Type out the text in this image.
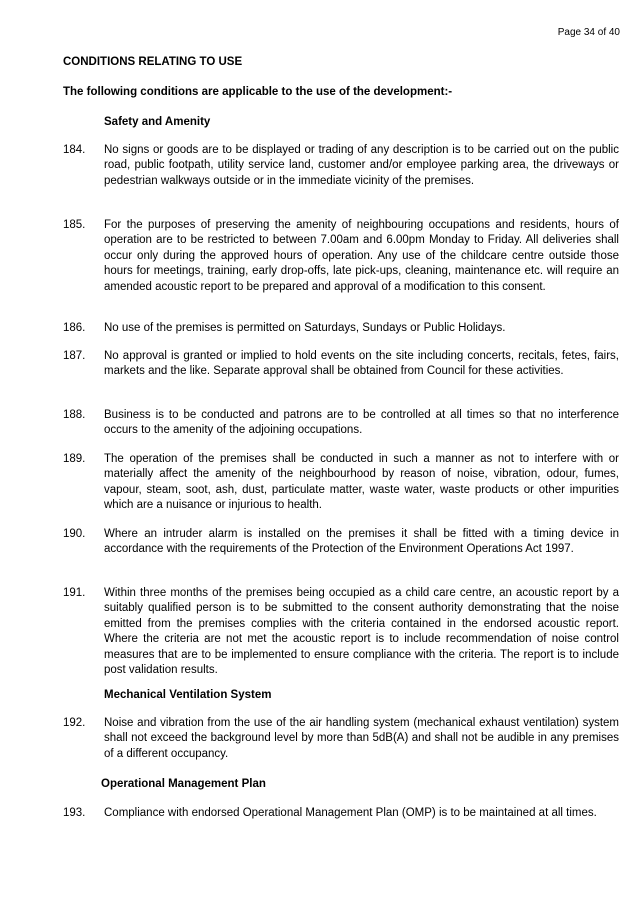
Page 34 of 40
CONDITIONS RELATING TO USE
The following conditions are applicable to the use of the development:-
Safety and Amenity
184.	No signs or goods are to be displayed or trading of any description is to be carried out on the public road, public footpath, utility service land, customer and/or employee parking area, the driveways or pedestrian walkways outside or in the immediate vicinity of the premises.
185.	For the purposes of preserving the amenity of neighbouring occupations and residents, hours of operation are to be restricted to between 7.00am and 6.00pm Monday to Friday. All deliveries shall occur only during the approved hours of operation. Any use of the childcare centre outside those hours for meetings, training, early drop-offs, late pick-ups, cleaning, maintenance etc. will require an amended acoustic report to be prepared and approval of a modification to this consent.
186.	No use of the premises is permitted on Saturdays, Sundays or Public Holidays.
187.	No approval is granted or implied to hold events on the site including concerts, recitals, fetes, fairs, markets and the like. Separate approval shall be obtained from Council for these activities.
188.	Business is to be conducted and patrons are to be controlled at all times so that no interference occurs to the amenity of the adjoining occupations.
189.	The operation of the premises shall be conducted in such a manner as not to interfere with or materially affect the amenity of the neighbourhood by reason of noise, vibration, odour, fumes, vapour, steam, soot, ash, dust, particulate matter, waste water, waste products or other impurities which are a nuisance or injurious to health.
190.	Where an intruder alarm is installed on the premises it shall be fitted with a timing device in accordance with the requirements of the Protection of the Environment Operations Act 1997.
191.	Within three months of the premises being occupied as a child care centre, an acoustic report by a suitably qualified person is to be submitted to the consent authority demonstrating that the noise emitted from the premises complies with the criteria contained in the endorsed acoustic report. Where the criteria are not met the acoustic report is to include recommendation of noise control measures that are to be implemented to ensure compliance with the criteria. The report is to include post validation results.
Mechanical Ventilation System
192.	Noise and vibration from the use of the air handling system (mechanical exhaust ventilation) system shall not exceed the background level by more than 5dB(A) and shall not be audible in any premises of a different occupancy.
Operational Management Plan
193.	Compliance with endorsed Operational Management Plan (OMP) is to be maintained at all times.
